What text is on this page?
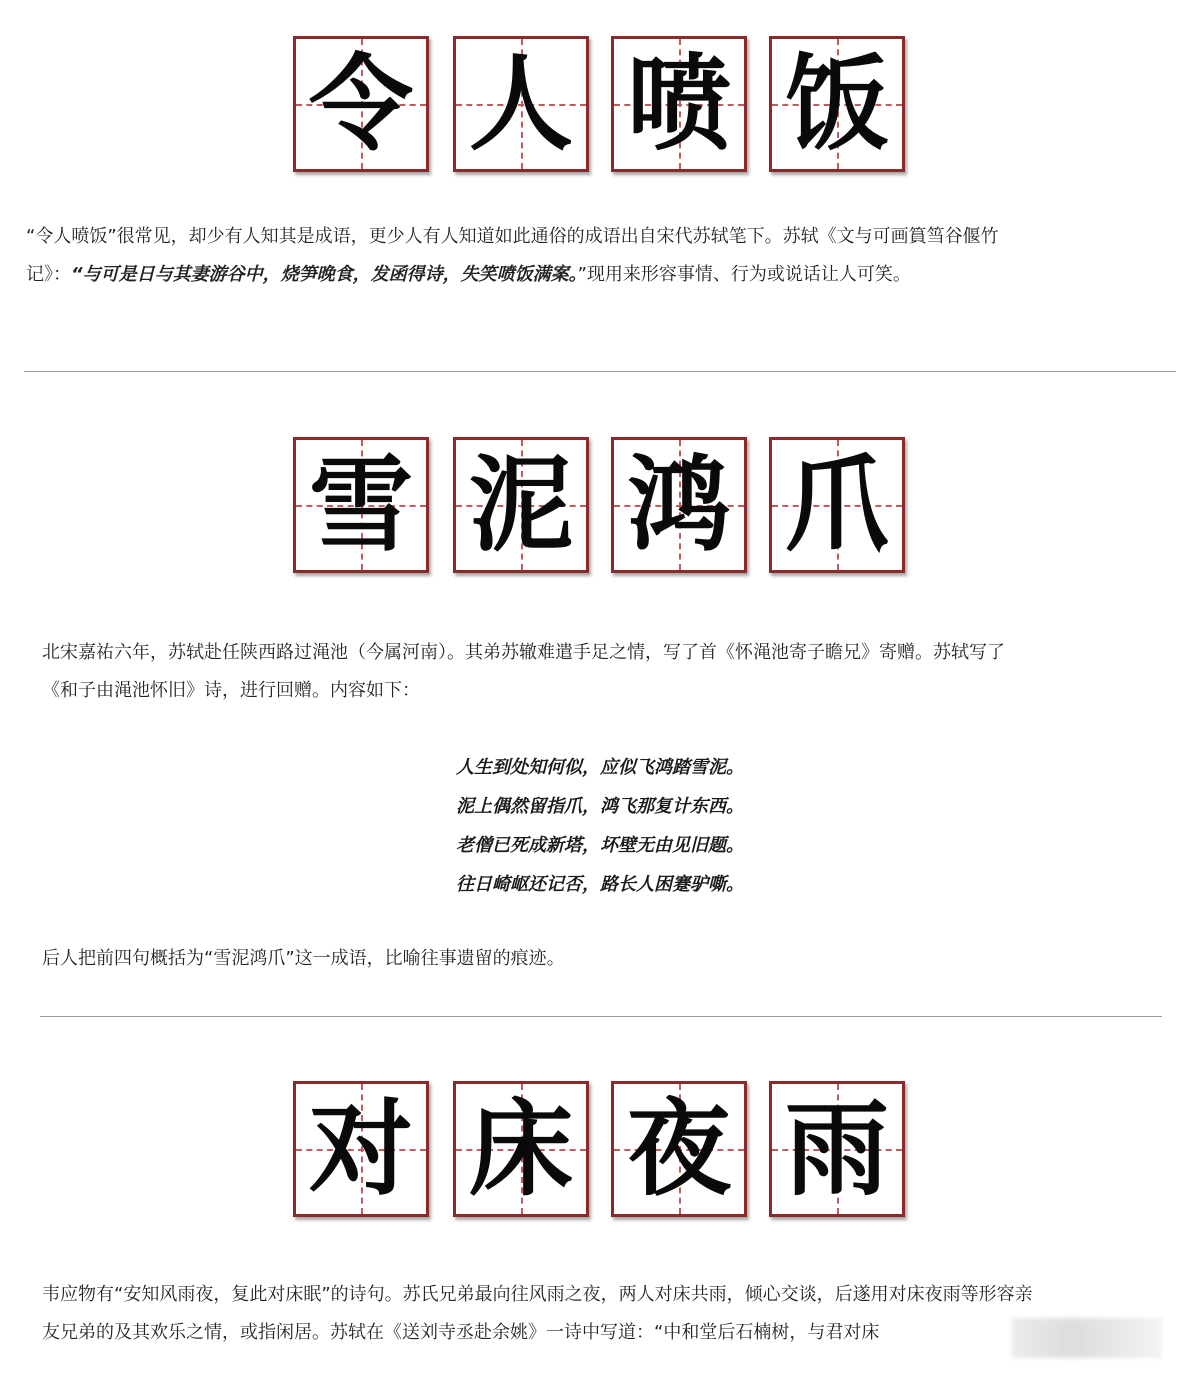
令 人 喷 饭

“令人喷饭”很常见，却少有人知其是成语，更少人有人知道如此通俗的成语出自宋代苏轼笔下。苏轼《文与可画篔筜谷偃竹
记》：“与可是日与其妻游谷中，烧笋晚食，发函得诗，失笑喷饭满案。”现用来形容事情、行为或说话让人可笑。

雪 泥 鸿 爪

北宋嘉祐六年，苏轼赴任陕西路过渑池（今属河南）。其弟苏辙难遣手足之情，写了首《怀渑池寄子瞻兄》寄赠。苏轼写了
《和子由渑池怀旧》诗，进行回赠。内容如下：

人生到处知何似，应似飞鸿踏雪泥。
泥上偶然留指爪，鸿飞那复计东西。
老僧已死成新塔，坏壁无由见旧题。
往日崎岖还记否，路长人困蹇驴嘶。

后人把前四句概括为“雪泥鸿爪”这一成语，比喻往事遗留的痕迹。

对 床 夜 雨

韦应物有“安知风雨夜，复此对床眠”的诗句。苏氏兄弟最向往风雨之夜，两人对床共雨，倾心交谈，后遂用对床夜雨等形容亲
友兄弟的及其欢乐之情，或指闲居。苏轼在《送刘寺丞赴余姚》一诗中写道：“中和堂后石楠树，与君对床
